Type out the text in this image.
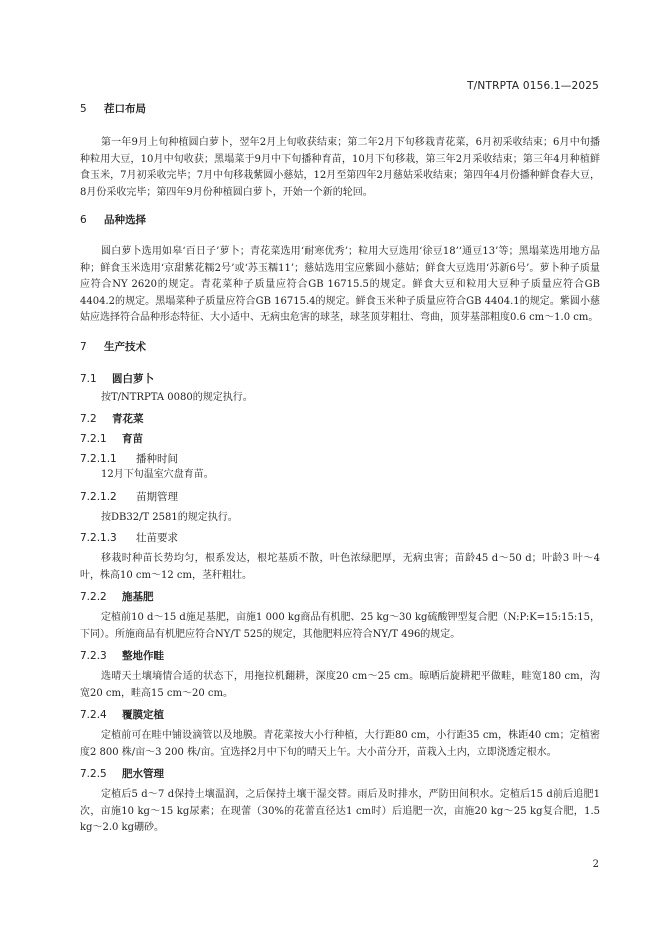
T/NTRPTA 0156.1—2025
5 茬口布局
第一年9月上旬种植圆白萝卜，翌年2月上旬收获结束；第二年2月下旬移栽青花菜，6月初采收结束；6月中旬播种粒用大豆，10月中旬收获；黑塌菜于9月中下旬播种育苗，10月下旬移栽，第三年2月采收结束；第三年4月种植鲜食玉米，7月初采收完毕；7月中旬移栽紫圆小慈姑，12月至第四年2月慈姑采收结束；第四年4月份播种鲜食春大豆，8月份采收完毕；第四年9月份种植圆白萝卜，开始一个新的轮回。
6 品种选择
圆白萝卜选用如皋‘百日子’萝卜；青花菜选用‘耐寒优秀’；粒用大豆选用‘徐豆18’‘通豆13’等；黑塌菜选用地方品种；鲜食玉米选用‘京甜紫花糯2号’或‘苏玉糯11’；慈姑选用宝应紫圆小慈姑；鲜食大豆选用‘苏新6号’。萝卜种子质量应符合NY 2620的规定。青花菜种子质量应符合GB 16715.5的规定。鲜食大豆和粒用大豆种子质量应符合GB 4404.2的规定。黑塌菜种子质量应符合GB 16715.4的规定。鲜食玉米种子质量应符合GB 4404.1的规定。紫圆小慈姑应选择符合品种形态特征、大小适中、无病虫危害的球茎，球茎顶芽粗壮、弯曲，顶芽基部粗度0.6 cm～1.0 cm。
7 生产技术
7.1 圆白萝卜
按T/NTRPTA 0080的规定执行。
7.2 青花菜
7.2.1 育苗
7.2.1.1 播种时间
12月下旬温室穴盘育苗。
7.2.1.2 苗期管理
按DB32/T 2581的规定执行。
7.2.1.3 壮苗要求
移栽时种苗长势均匀，根系发达，根坨基质不散，叶色浓绿肥厚，无病虫害；苗龄45 d～50 d；叶龄3 叶～4 叶，株高10 cm～12 cm，茎秆粗壮。
7.2.2 施基肥
定植前10 d～15 d施足基肥，亩施1 000 kg商品有机肥、25 kg～30 kg硫酸钾型复合肥（N:P:K=15:15:15，下同）。所施商品有机肥应符合NY/T 525的规定，其他肥料应符合NY/T 496的规定。
7.2.3 整地作畦
选晴天土壤墒情合适的状态下，用拖拉机翻耕，深度20 cm～25 cm。晾晒后旋耕耙平做畦，畦宽180 cm，沟宽20 cm，畦高15 cm～20 cm。
7.2.4 覆膜定植
定植前可在畦中铺设滴管以及地膜。青花菜按大小行种植，大行距80 cm，小行距35 cm，株距40 cm；定植密度2 800 株/亩～3 200 株/亩。宜选择2月中下旬的晴天上午。大小苗分开，苗栽入土内，立即浇透定根水。
7.2.5 肥水管理
定植后5 d～7 d保持土壤温润，之后保持土壤干湿交替。雨后及时排水，严防田间积水。定植后15 d前后追肥1次，亩施10 kg～15 kg尿素；在现蕾（30%的花蕾直径达1 cm时）后追肥一次，亩施20 kg～25 kg复合肥，1.5 kg～2.0 kg硼砂。
2
